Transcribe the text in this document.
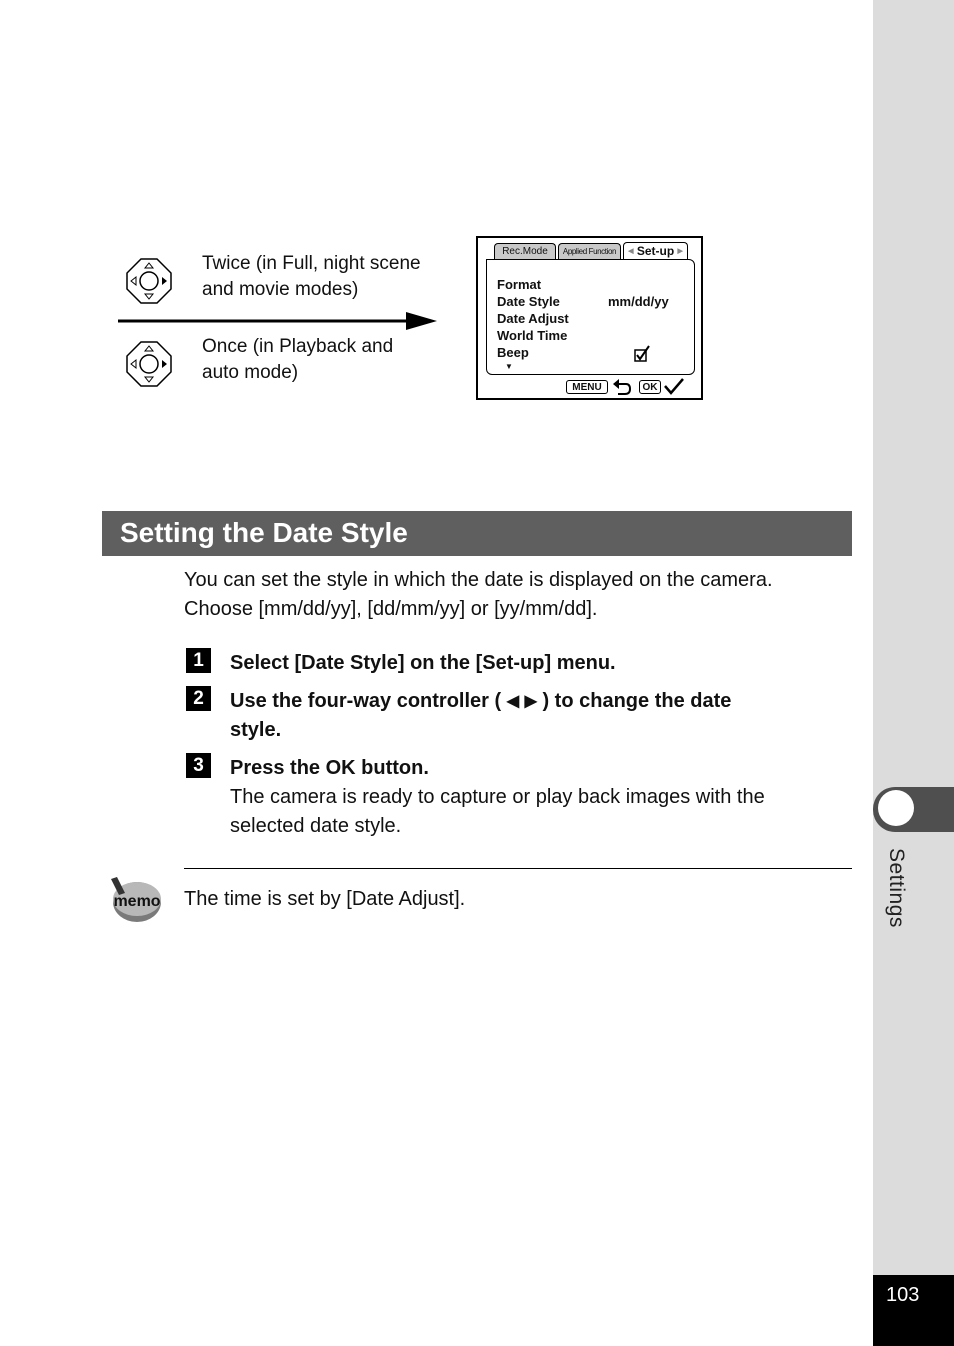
Settings
103
Twice (in Full, night scene
and movie modes)
Once (in Playback and
auto mode)
Rec.Mode	Applied Function	◀ Set-up ▶
Format
Date Style	mm/dd/yy
Date Adjust
World Time
Beep
▼
MENU	OK
Setting the Date Style
You can set the style in which the date is displayed on the camera.
Choose [mm/dd/yy], [dd/mm/yy] or [yy/mm/dd].
1	Select [Date Style] on the [Set-up] menu.
2	Use the four-way controller ( ◀ ▶ ) to change the date
style.
3	Press the OK button.
The camera is ready to capture or play back images with the
selected date style.
memo The time is set by [Date Adjust].
